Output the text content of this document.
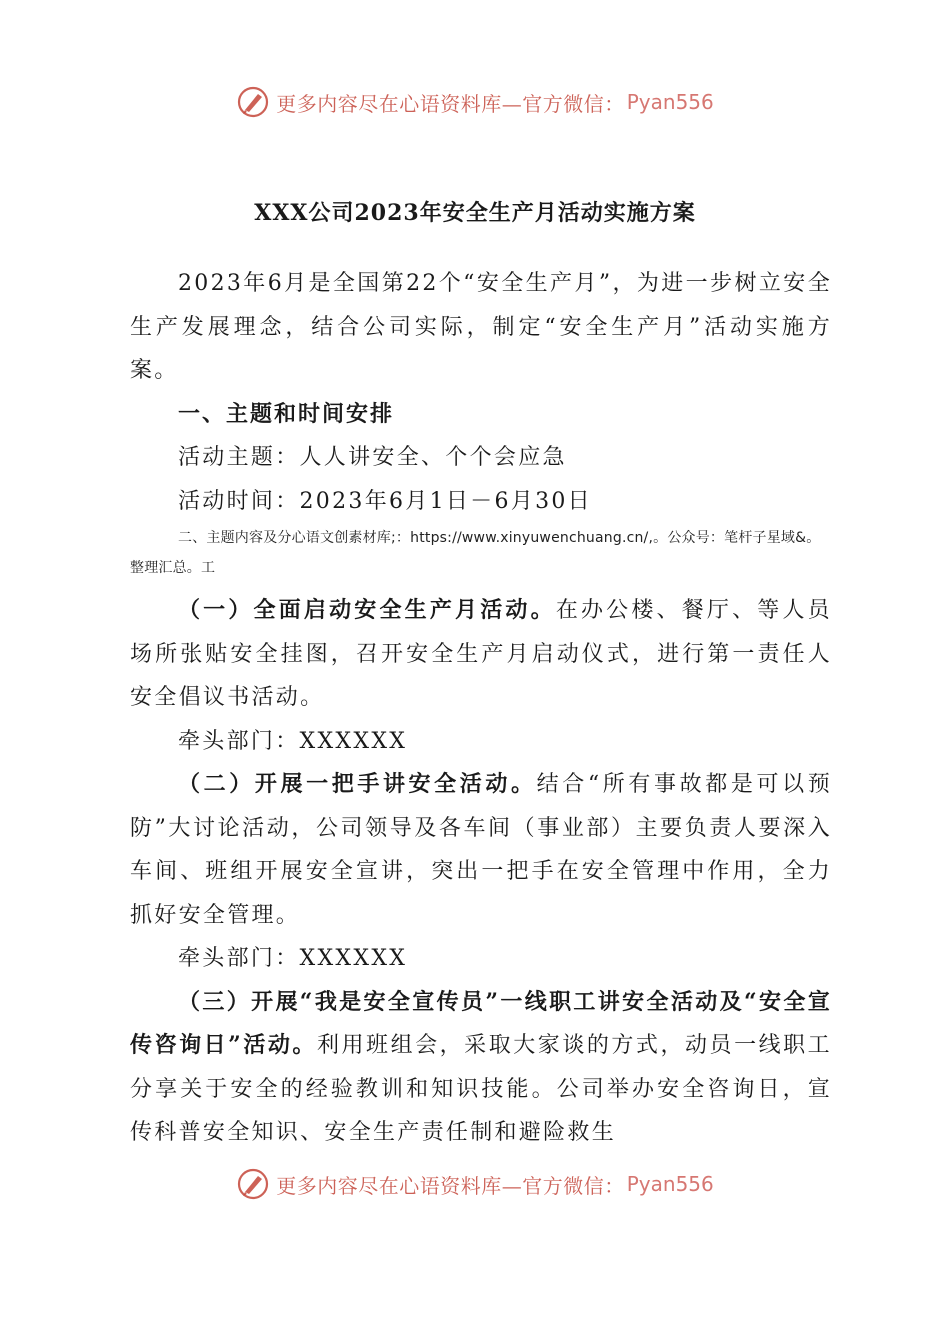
更多内容尽在心语资料库—官方微信： Pyan556
XXX公司2023年安全生产月活动实施方案

2023年6月是全国第22个“安全生产月”，为进一步树立安全生产发展理念，结合公司实际，制定“安全生产月”活动实施方案。

一、主题和时间安排

活动主题：人人讲安全、个个会应急

活动时间：2023年6月1日－6月30日

二、主题内容及分心语文创素材库;：https://www.xinyuwenchuang.cn/,。公众号：笔杆子星域&。整理汇总。工

（一）全面启动安全生产月活动。在办公楼、餐厅、等人员场所张贴安全挂图，召开安全生产月启动仪式，进行第一责任人安全倡议书活动。

牵头部门：XXXXXX

（二）开展一把手讲安全活动。结合“所有事故都是可以预防”大讨论活动，公司领导及各车间（事业部）主要负责人要深入车间、班组开展安全宣讲，突出一把手在安全管理中作用，全力抓好安全管理。

牵头部门：XXXXXX

（三）开展“我是安全宣传员”一线职工讲安全活动及“安全宣传咨询日”活动。利用班组会，采取大家谈的方式，动员一线职工分享关于安全的经验教训和知识技能。公司举办安全咨询日，宣传科普安全知识、安全生产责任制和避险救生

更多内容尽在心语资料库—官方微信： Pyan556
